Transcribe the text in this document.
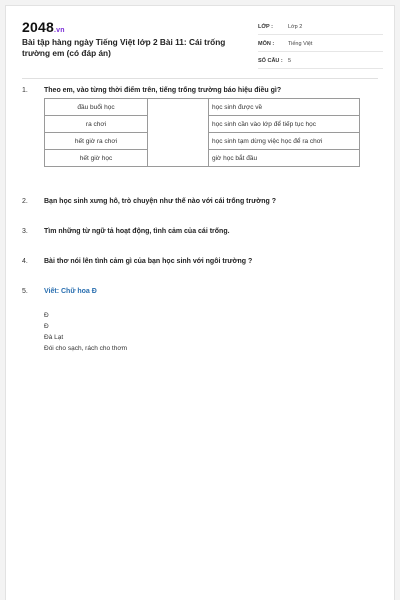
2048.vn
Bài tập hàng ngày Tiếng Việt lớp 2 Bài 11: Cái trống trường em (có đáp án)
LỚP :	Lớp 2
MÔN :	Tiếng Việt
SỐ CÂU : 5
1.	Theo em, vào từng thời điểm trên, tiếng trống trường báo hiệu điều gì?
đầu buổi học		học sinh được về
ra chơi		học sinh cần vào lớp để tiếp tục học
hết giờ ra chơi		học sinh tạm dừng việc học để ra chơi
hết giờ học		giờ học bắt đầu
2.	Bạn học sinh xưng hô, trò chuyện như thế nào với cái trống trường ?
3.	Tìm những từ ngữ tả hoạt động, tình cảm của cái trống.
4.	Bài thơ nói lên tình cảm gì của bạn học sinh với ngôi trường ?
5.	Viết: Chữ hoa Đ
Đ
Đ
Đà Lạt
Đói cho sạch, rách cho thơm
